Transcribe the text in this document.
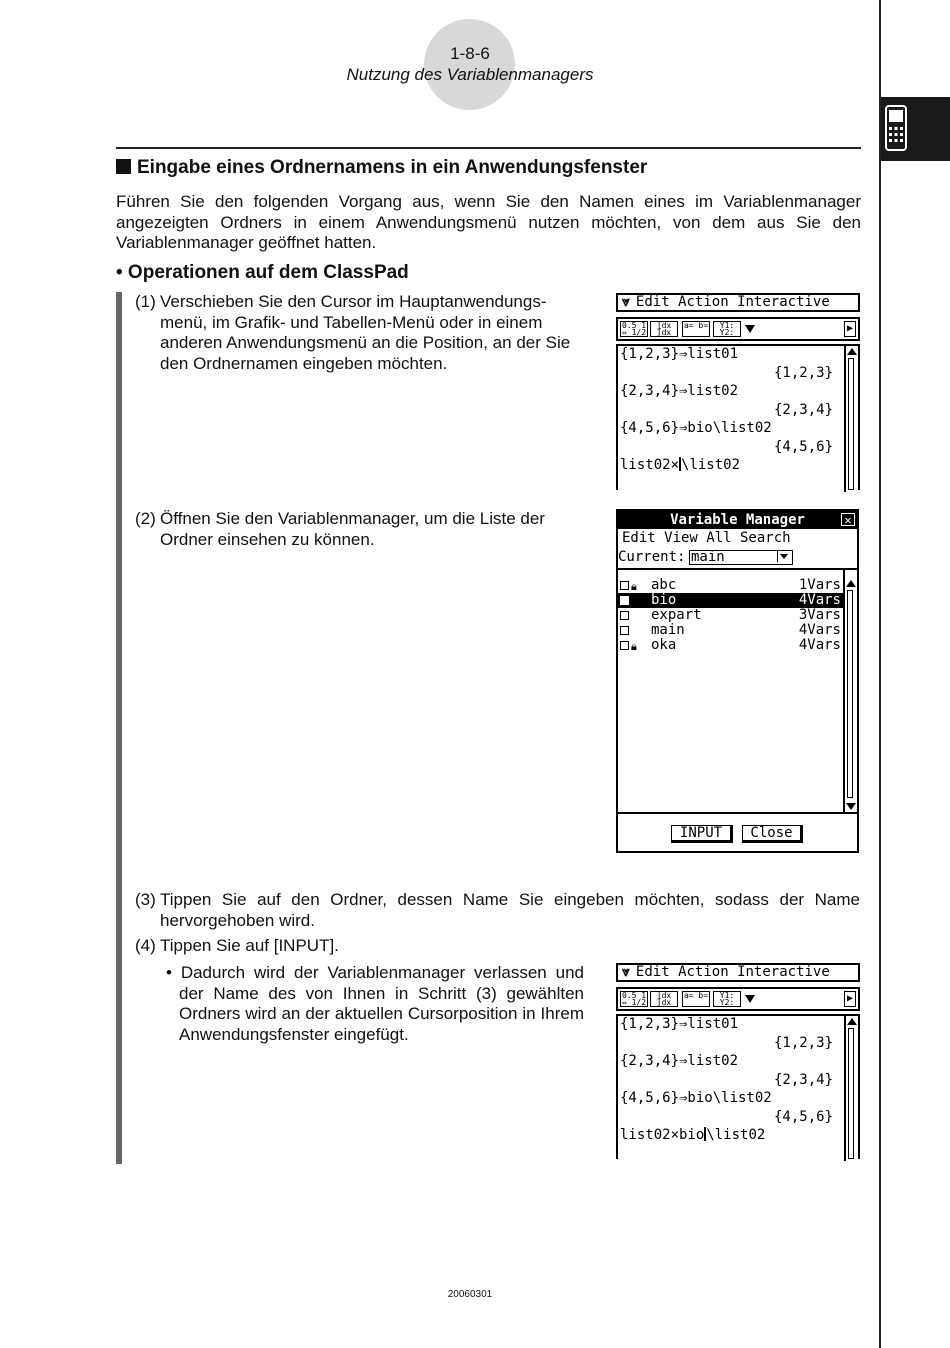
1-8-6
Nutzung des Variablenmanagers
Eingabe eines Ordnernamens in ein Anwendungsfenster
Führen Sie den folgenden Vorgang aus, wenn Sie den Namen eines im Variablenmanager angezeigten Ordners in einem Anwendungsmenü nutzen möchten, von dem aus Sie den Variablenmanager geöffnet hatten.
• Operationen auf dem ClassPad
(1) Verschieben Sie den Cursor im Hauptanwendungs-menü, im Grafik- und Tabellen-Menü oder in einem anderen Anwendungsmenü an die Position, an der Sie den Ordnernamen eingeben möchten.
(2) Öffnen Sie den Variablenmanager, um die Liste der Ordner einsehen zu können.
(3) Tippen Sie auf den Ordner, dessen Name Sie eingeben möchten, sodass der Name hervorgehoben wird.
(4) Tippen Sie auf [INPUT].
• Dadurch wird der Variablenmanager verlassen und der Name des von Ihnen in Schritt (3) gewählten Ordners wird an der aktuellen Cursorposition in Ihrem Anwendungsfenster eingefügt.
⩔ Edit Action Interactive
0.5 1 ⇔ 1/2
∫dx ∫dx
a= b=	Y1: Y2:	▶
{1,2,3}⇒list01
{1,2,3}
{2,3,4}⇒list02
{2,3,4}
{4,5,6}⇒bio\list02
{4,5,6}
list02× \list02
Variable Manager	✕
Edit View All Search
Current: main
🔒︎ abc	1Vars
bio	4Vars
expart	3Vars
main	4Vars
🔒︎ oka	4Vars
INPUT	Close
⩔ Edit Action Interactive
0.5 1 ⇔ 1/2
∫dx ∫dx
a= b=	Y1: Y2:	▶
{1,2,3}⇒list01
{1,2,3}
{2,3,4}⇒list02
{2,3,4}
{4,5,6}⇒bio\list02
{4,5,6}
list02×bio \list02
20060301
